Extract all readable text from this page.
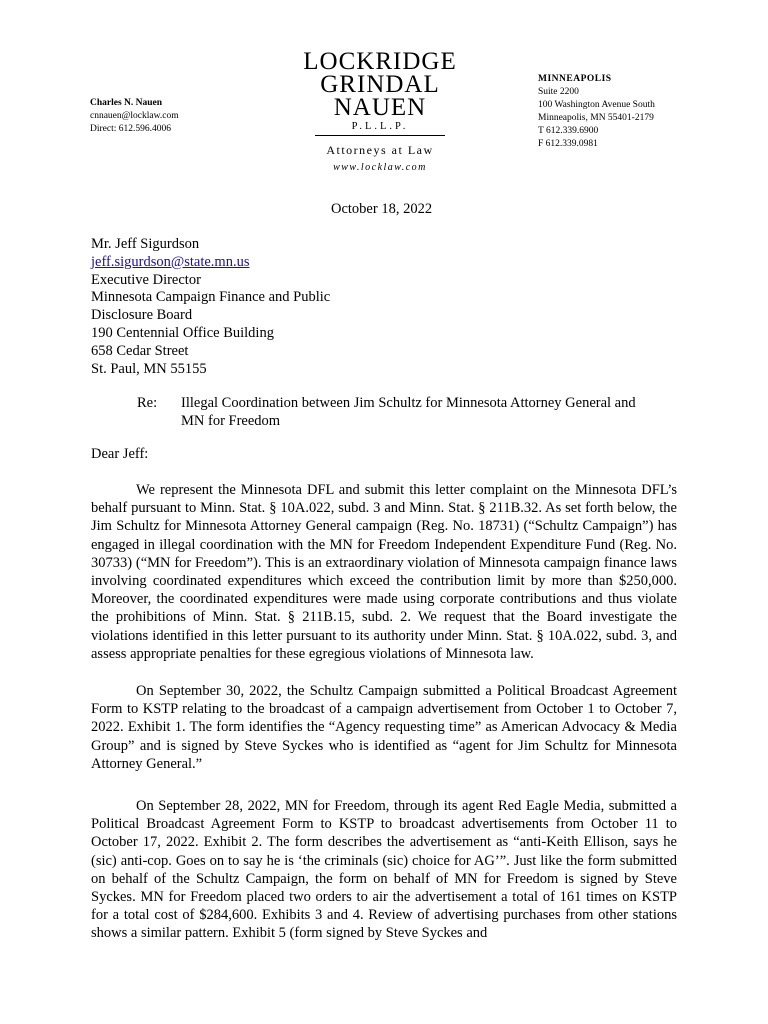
Charles N. Nauen
cnnauen@locklaw.com
Direct: 612.596.4006
LOCKRIDGE
GRINDAL
NAUEN
P.L.L.P.
Attorneys at Law
www.locklaw.com
MINNEAPOLIS
Suite 2200
100 Washington Avenue South
Minneapolis, MN 55401-2179
T 612.339.6900
F 612.339.0981
October 18, 2022
Mr. Jeff Sigurdson
jeff.sigurdson@state.mn.us
Executive Director
Minnesota Campaign Finance and Public
Disclosure Board
190 Centennial Office Building
658 Cedar Street
St. Paul, MN 55155
Re: Illegal Coordination between Jim Schultz for Minnesota Attorney General and MN for Freedom
Dear Jeff:

We represent the Minnesota DFL and submit this letter complaint on the Minnesota DFL’s behalf pursuant to Minn. Stat. § 10A.022, subd. 3 and Minn. Stat. § 211B.32. As set forth below, the Jim Schultz for Minnesota Attorney General campaign (Reg. No. 18731) (“Schultz Campaign”) has engaged in illegal coordination with the MN for Freedom Independent Expenditure Fund (Reg. No. 30733) (“MN for Freedom”). This is an extraordinary violation of Minnesota campaign finance laws involving coordinated expenditures which exceed the contribution limit by more than $250,000. Moreover, the coordinated expenditures were made using corporate contributions and thus violate the prohibitions of Minn. Stat. § 211B.15, subd. 2. We request that the Board investigate the violations identified in this letter pursuant to its authority under Minn. Stat. § 10A.022, subd. 3, and assess appropriate penalties for these egregious violations of Minnesota law.

On September 30, 2022, the Schultz Campaign submitted a Political Broadcast Agreement Form to KSTP relating to the broadcast of a campaign advertisement from October 1 to October 7, 2022. Exhibit 1. The form identifies the “Agency requesting time” as American Advocacy & Media Group” and is signed by Steve Syckes who is identified as “agent for Jim Schultz for Minnesota Attorney General.”

On September 28, 2022, MN for Freedom, through its agent Red Eagle Media, submitted a Political Broadcast Agreement Form to KSTP to broadcast advertisements from October 11 to October 17, 2022. Exhibit 2. The form describes the advertisement as “anti-Keith Ellison, says he (sic) anti-cop. Goes on to say he is ‘the criminals (sic) choice for AG’”. Just like the form submitted on behalf of the Schultz Campaign, the form on behalf of MN for Freedom is signed by Steve Syckes. MN for Freedom placed two orders to air the advertisement a total of 161 times on KSTP for a total cost of $284,600. Exhibits 3 and 4. Review of advertising purchases from other stations shows a similar pattern. Exhibit 5 (form signed by Steve Syckes and
